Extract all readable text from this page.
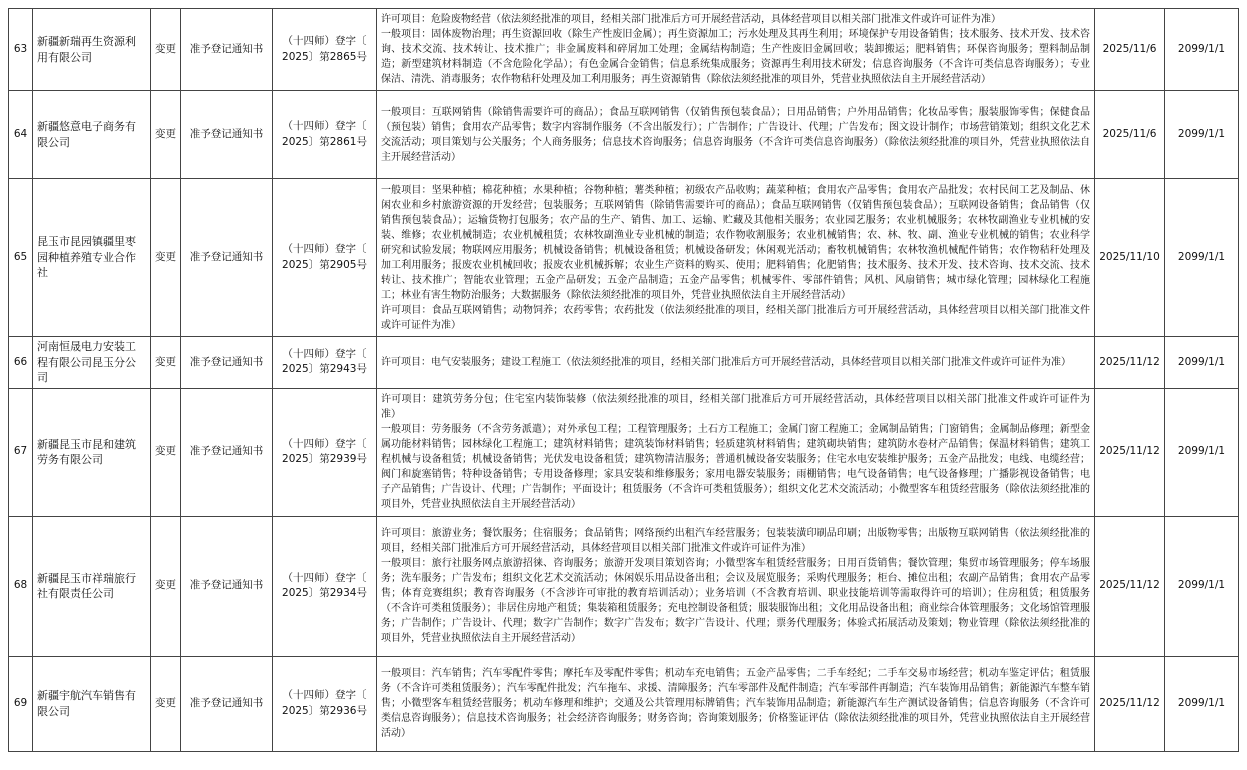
63	新疆新瑞再生资源利用有限公司	变更	准予登记通知书	（十四师）登字〔
2025〕第2865号	许可项目：危险废物经营（依法须经批准的项目，经相关部门批准后方可开展经营活动，具体经营项目以相关部门批准文件或许可证件为准）
一般项目：固体废物治理；再生资源回收（除生产性废旧金属）；再生资源加工；污水处理及其再生利用；环境保护专用设备销售；技术服务、技术开发、技术咨询、技术交流、技术转让、技术推广；非金属废料和碎屑加工处理；金属结构制造；生产性废旧金属回收；装卸搬运；肥料销售；环保咨询服务；塑料制品制造；新型建筑材料制造（不含危险化学品）；有色金属合金销售；信息系统集成服务；资源再生利用技术研发；信息咨询服务（不含许可类信息咨询服务）；专业保洁、清洗、消毒服务；农作物秸秆处理及加工利用服务；再生资源销售（除依法须经批准的项目外，凭营业执照依法自主开展经营活动）	2025/11/6	2099/1/1
64	新疆悠意电子商务有限公司	变更	准予登记通知书	（十四师）登字〔
2025〕第2861号	一般项目：互联网销售（除销售需要许可的商品）；食品互联网销售（仅销售预包装食品）；日用品销售；户外用品销售；化妆品零售；服装服饰零售；保健食品（预包装）销售；食用农产品零售；数字内容制作服务（不含出版发行）；广告制作；广告设计、代理；广告发布；图文设计制作；市场营销策划；组织文化艺术交流活动；项目策划与公关服务；个人商务服务；信息技术咨询服务；信息咨询服务（不含许可类信息咨询服务）（除依法须经批准的项目外，凭营业执照依法自主开展经营活动）	2025/11/6	2099/1/1
65	昆玉市昆园镇疆里枣园种植养殖专业合作社	变更	准予登记通知书	（十四师）登字〔
2025〕第2905号	一般项目：坚果种植；棉花种植；水果种植；谷物种植；薯类种植；初级农产品收购；蔬菜种植；食用农产品零售；食用农产品批发；农村民间工艺及制品、休闲农业和乡村旅游资源的开发经营；包装服务；互联网销售（除销售需要许可的商品）；食品互联网销售（仅销售预包装食品）；互联网设备销售；食品销售（仅销售预包装食品）；运输货物打包服务；农产品的生产、销售、加工、运输、贮藏及其他相关服务；农业园艺服务；农业机械服务；农林牧副渔业专业机械的安装、维修；农业机械制造；农业机械租赁；农林牧副渔业专业机械的制造；农作物收割服务；农业机械销售；农、林、牧、副、渔业专业机械的销售；农业科学研究和试验发展；物联网应用服务；机械设备销售；机械设备租赁；机械设备研发；休闲观光活动；畜牧机械销售；农林牧渔机械配件销售；农作物秸秆处理及加工利用服务；报废农业机械回收；报废农业机械拆解；农业生产资料的购买、使用；肥料销售；化肥销售；技术服务、技术开发、技术咨询、技术交流、技术转让、技术推广；智能农业管理；五金产品研发；五金产品制造；五金产品零售；机械零件、零部件销售；风机、风扇销售；城市绿化管理；园林绿化工程施工；林业有害生物防治服务；大数据服务（除依法须经批准的项目外，凭营业执照依法自主开展经营活动）
许可项目：食品互联网销售；动物饲养；农药零售；农药批发（依法须经批准的项目，经相关部门批准后方可开展经营活动，具体经营项目以相关部门批准文件或许可证件为准）	2025/11/10	2099/1/1
66	河南恒晟电力安装工程有限公司昆玉分公司	变更	准予登记通知书	（十四师）登字〔
2025〕第2943号	许可项目：电气安装服务；建设工程施工（依法须经批准的项目，经相关部门批准后方可开展经营活动，具体经营项目以相关部门批准文件或许可证件为准）	2025/11/12	2099/1/1
67	新疆昆玉市昆和建筑劳务有限公司	变更	准予登记通知书	（十四师）登字〔
2025〕第2939号	许可项目：建筑劳务分包；住宅室内装饰装修（依法须经批准的项目，经相关部门批准后方可开展经营活动，具体经营项目以相关部门批准文件或许可证件为准）
一般项目：劳务服务（不含劳务派遣）；对外承包工程；工程管理服务；土石方工程施工；金属门窗工程施工；金属制品销售；门窗销售；金属制品修理；新型金属功能材料销售；园林绿化工程施工；建筑材料销售；建筑装饰材料销售；轻质建筑材料销售；建筑砌块销售；建筑防水卷材产品销售；保温材料销售；建筑工程机械与设备租赁；机械设备销售；光伏发电设备租赁；建筑物清洁服务；普通机械设备安装服务；住宅水电安装维护服务；五金产品批发；电线、电缆经营；阀门和旋塞销售；特种设备销售；专用设备修理；家具安装和维修服务；家用电器安装服务；雨棚销售；电气设备销售；电气设备修理；广播影视设备销售；电子产品销售；广告设计、代理；广告制作；平面设计；租赁服务（不含许可类租赁服务）；组织文化艺术交流活动；小微型客车租赁经营服务（除依法须经批准的项目外，凭营业执照依法自主开展经营活动）	2025/11/12	2099/1/1
68	新疆昆玉市祥瑞旅行社有限责任公司	变更	准予登记通知书	（十四师）登字〔
2025〕第2934号	许可项目：旅游业务；餐饮服务；住宿服务；食品销售；网络预约出租汽车经营服务；包装装潢印刷品印刷；出版物零售；出版物互联网销售（依法须经批准的项目，经相关部门批准后方可开展经营活动，具体经营项目以相关部门批准文件或许可证件为准）
一般项目：旅行社服务网点旅游招徕、咨询服务；旅游开发项目策划咨询；小微型客车租赁经营服务；日用百货销售；餐饮管理；集贸市场管理服务；停车场服务；洗车服务；广告发布；组织文化艺术交流活动；休闲娱乐用品设备出租；会议及展览服务；采购代理服务；柜台、摊位出租；农副产品销售；食用农产品零售；体育竞赛组织；教育咨询服务（不含涉许可审批的教育培训活动）；业务培训（不含教育培训、职业技能培训等需取得许可的培训）；住房租赁；租赁服务（不含许可类租赁服务）；非居住房地产租赁；集装箱租赁服务；充电控制设备租赁；服装服饰出租；文化用品设备出租；商业综合体管理服务；文化场馆管理服务；广告制作；广告设计、代理；数字广告制作；数字广告发布；数字广告设计、代理；票务代理服务；体验式拓展活动及策划；物业管理（除依法须经批准的项目外，凭营业执照依法自主开展经营活动）	2025/11/12	2099/1/1
69	新疆宇航汽车销售有限公司	变更	准予登记通知书	（十四师）登字〔
2025〕第2936号	一般项目：汽车销售；汽车零配件零售；摩托车及零配件零售；机动车充电销售；五金产品零售；二手车经纪；二手车交易市场经营；机动车鉴定评估；租赁服务（不含许可类租赁服务）；汽车零配件批发；汽车拖车、求援、清障服务；汽车零部件及配件制造；汽车零部件再制造；汽车装饰用品销售；新能源汽车整车销售；小微型客车租赁经营服务；机动车修理和维护；交通及公共管理用标牌销售；汽车装饰用品制造；新能源汽车生产测试设备销售；信息咨询服务（不含许可类信息咨询服务）；信息技术咨询服务；社会经济咨询服务；财务咨询；咨询策划服务；价格鉴证评估（除依法须经批准的项目外，凭营业执照依法自主开展经营活动）	2025/11/12	2099/1/1
